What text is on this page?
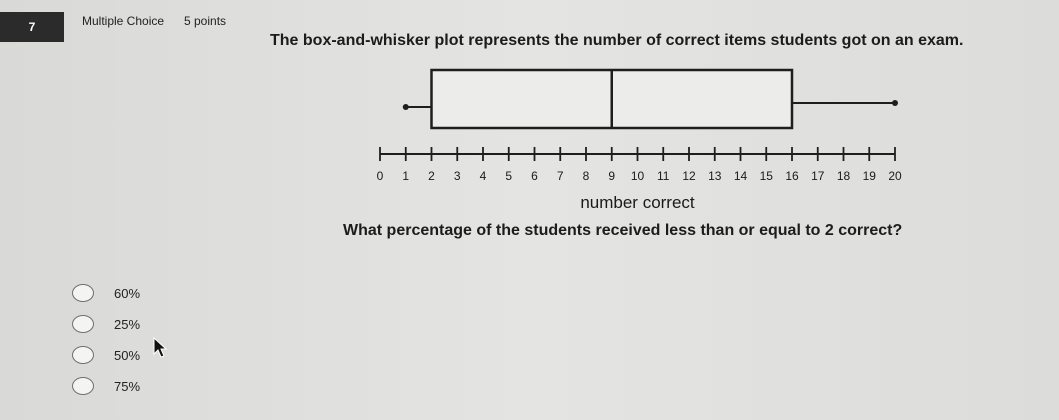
7	Multiple Choice 5 points
The box-and-whisker plot represents the number of correct items students got on an exam.
0 1 2 3 4 5 6 7 8 9 10 11 12 13 14 15 16 17 18 19 20
number correct
What percentage of the students received less than or equal to 2 correct?
60%
25%
50%
75%
